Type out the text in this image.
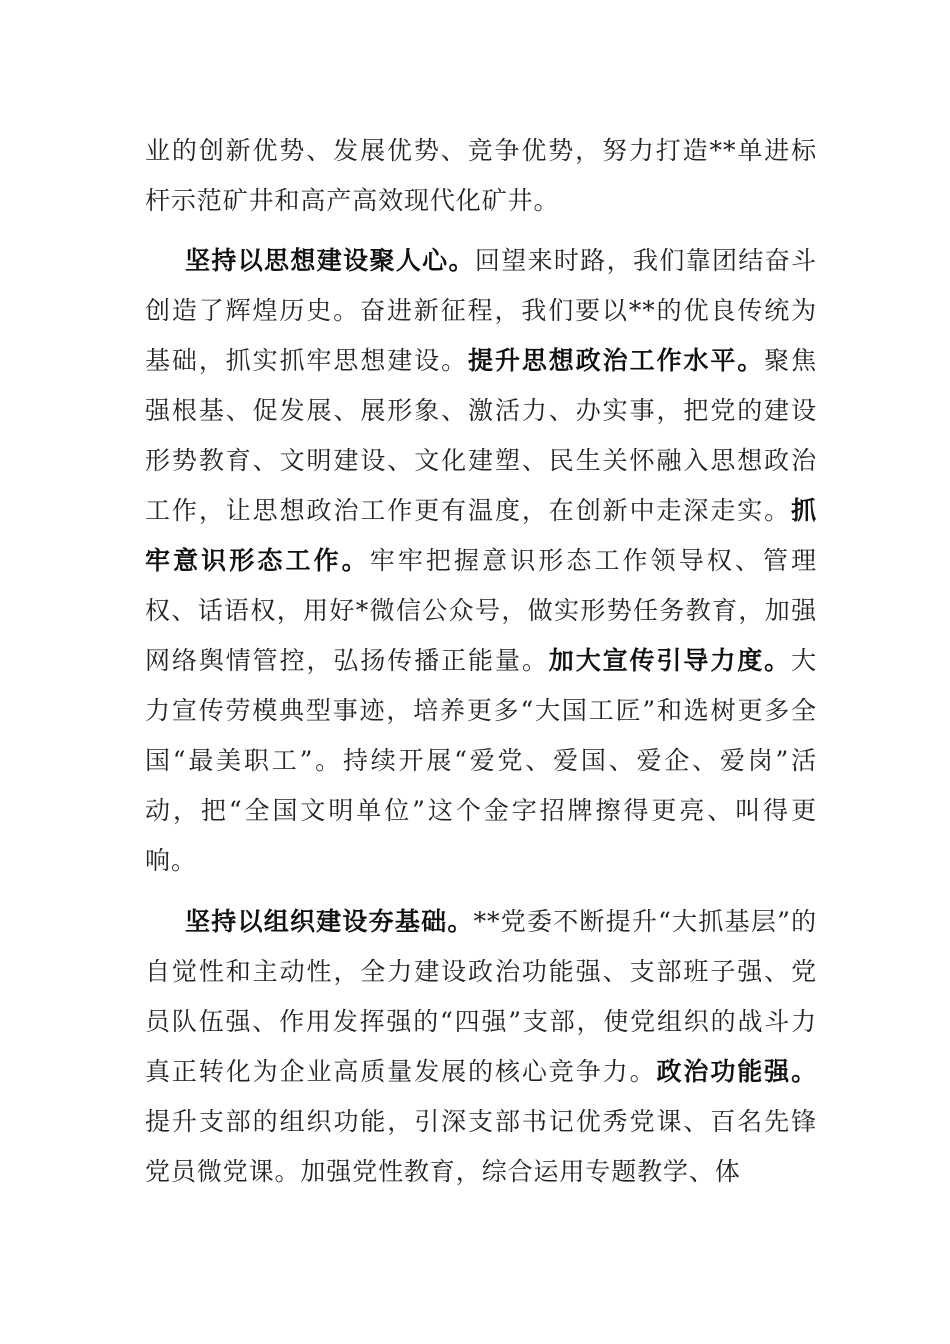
业的创新优势、发展优势、竞争优势，努力打造**单进标杆示范矿井和高产高效现代化矿井。

坚持以思想建设聚人心。回望来时路，我们靠团结奋斗创造了辉煌历史。奋进新征程，我们要以**的优良传统为基础，抓实抓牢思想建设。提升思想政治工作水平。聚焦强根基、促发展、展形象、激活力、办实事，把党的建设形势教育、文明建设、文化建塑、民生关怀融入思想政治工作，让思想政治工作更有温度，在创新中走深走实。抓牢意识形态工作。牢牢把握意识形态工作领导权、管理权、话语权，用好*微信公众号，做实形势任务教育，加强网络舆情管控，弘扬传播正能量。加大宣传引导力度。大力宣传劳模典型事迹，培养更多“大国工匠”和选树更多全国“最美职工”。持续开展“爱党、爱国、爱企、爱岗”活动，把“全国文明单位”这个金字招牌擦得更亮、叫得更响。

坚持以组织建设夯基础。**党委不断提升“大抓基层”的自觉性和主动性，全力建设政治功能强、支部班子强、党员队伍强、作用发挥强的“四强”支部，使党组织的战斗力真正转化为企业高质量发展的核心竞争力。政治功能强。提升支部的组织功能，引深支部书记优秀党课、百名先锋党员微党课。加强党性教育，综合运用专题教学、体
